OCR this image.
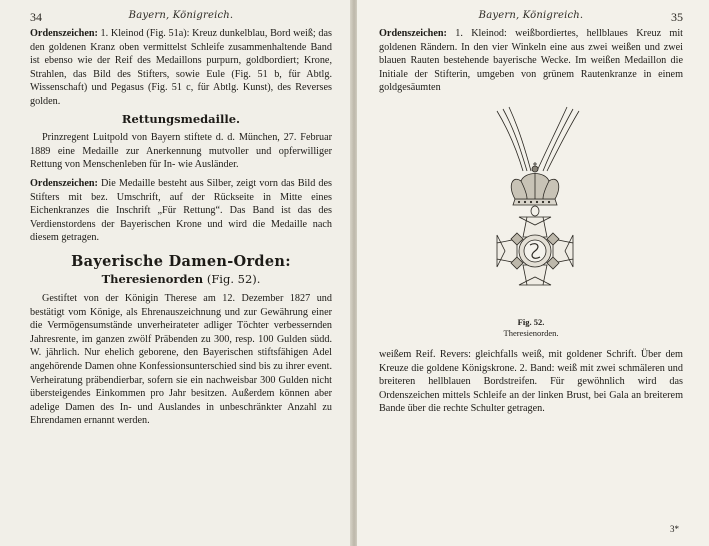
34	Bayern, Königreich.

Ordenszeichen: 1. Kleinod (Fig. 51a): Kreuz dunkelblau, Bord weiß; das den goldenen Kranz oben vermittelst Schleife zusammenhaltende Band ist ebenso wie der Reif des Medaillons purpurn, goldbordiert; Krone, Strahlen, das Bild des Stifters, sowie Eule (Fig. 51 b, für Abtlg. Wissenschaft) und Pegasus (Fig. 51 c, für Abtlg. Kunst), des Reverses golden.

Rettungsmedaille.

Prinzregent Luitpold von Bayern stiftete d. d. München, 27. Februar 1889 eine Medaille zur Anerkennung mutvoller und opferwilliger Rettung von Menschenleben für In- wie Ausländer.

Ordenszeichen: Die Medaille besteht aus Silber, zeigt vorn das Bild des Stifters mit bez. Umschrift, auf der Rückseite in Mitte eines Eichenkranzes die Inschrift „Für Rettung“. Das Band ist das des Verdienstordens der Bayerischen Krone und wird die Medaille nach diesem getragen.

Bayerische Damen-Orden:
Theresienorden (Fig. 52).

Gestiftet von der Königin Therese am 12. Dezember 1827 und bestätigt vom Könige, als Ehrenauszeichnung und zur Gewährung einer die Vermögensumstände unverheirateter adliger Töchter verbessernden Jahresrente, im ganzen zwölf Präbenden zu 300, resp. 100 Gulden südd. W. jährlich. Nur ehelich geborene, den Bayerischen stiftsfähigen Adel angehörende Damen ohne Konfessionsunterschied sind bis zu ihrer event. Verheiratung präbendierbar, sofern sie ein nachweisbar 300 Gulden nicht übersteigendes Einkommen pro Jahr besitzen. Außerdem können aber adelige Damen des In- und Auslandes in unbeschränkter Anzahl zu Ehrendamen ernannt werden.

Bayern, Königreich.	35

Ordenszeichen: 1. Kleinod: weißbordiertes, hellblaues Kreuz mit goldenen Rändern. In den vier Winkeln eine aus zwei weißen und zwei blauen Rauten bestehende bayerische Wecke. Im weißen Medaillon die Initiale der Stifterin, umgeben von grünem Rautenkranze in einem goldgesäumten

Fig. 52.
Theresienorden.

weißem Reif. Revers: gleichfalls weiß, mit goldener Schrift. Über dem Kreuze die goldene Königskrone. 2. Band: weiß mit zwei schmäleren und breiteren hellblauen Bordstreifen. Für gewöhnlich wird das Ordenszeichen mittels Schleife an der linken Brust, bei Gala an breiterem Bande über die rechte Schulter getragen.

3*
